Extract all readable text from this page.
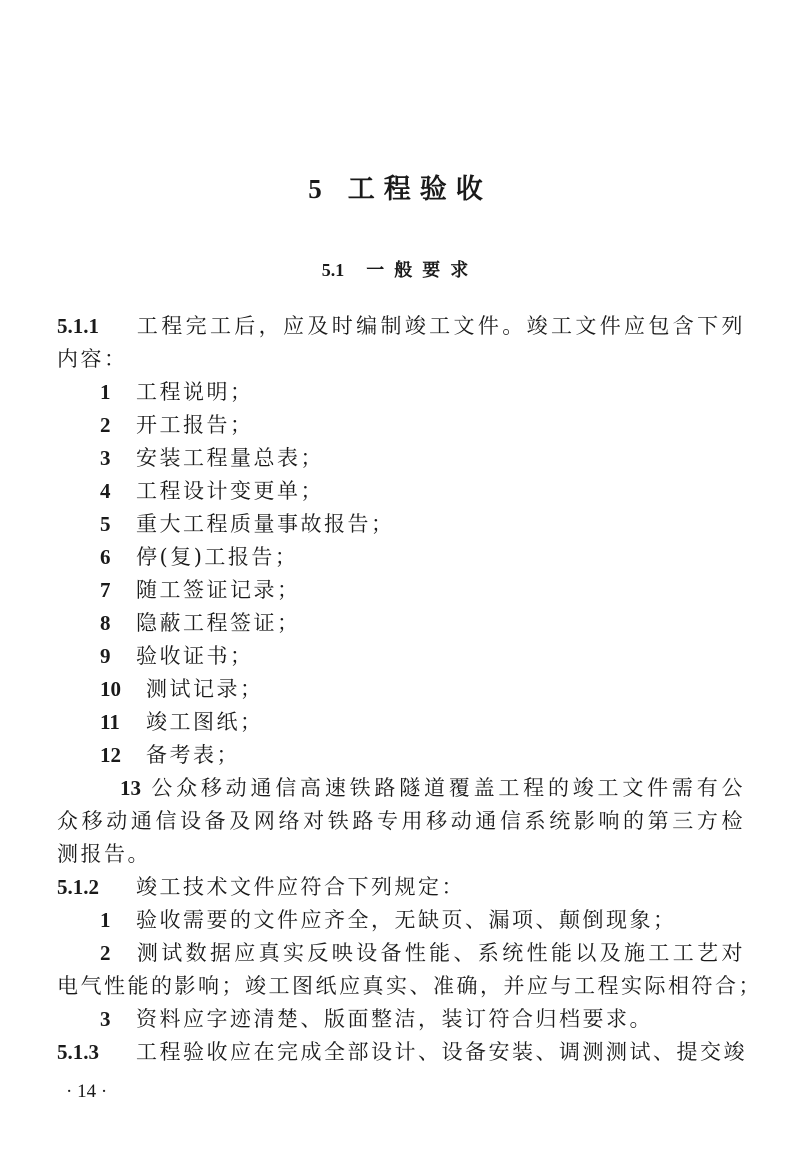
5 工程验收
5.1 一般要求
5.1.1 工程完工后，应及时编制竣工文件。竣工文件应包含下列
内容：
1 工程说明；
2 开工报告；
3 安装工程量总表；
4 工程设计变更单；
5 重大工程质量事故报告；
6 停(复)工报告；
7 随工签证记录；
8 隐蔽工程签证；
9 验收证书；
10 测试记录；
11 竣工图纸；
12 备考表；
13 公众移动通信高速铁路隧道覆盖工程的竣工文件需有公
众移动通信设备及网络对铁路专用移动通信系统影响的第三方检
测报告。
5.1.2 竣工技术文件应符合下列规定：
1 验收需要的文件应齐全，无缺页、漏项、颠倒现象；
2 测试数据应真实反映设备性能、系统性能以及施工工艺对
电气性能的影响；竣工图纸应真实、准确，并应与工程实际相符合；
3 资料应字迹清楚、版面整洁，装订符合归档要求。
5.1.3 工程验收应在完成全部设计、设备安装、调测测试、提交竣
· 14 ·
